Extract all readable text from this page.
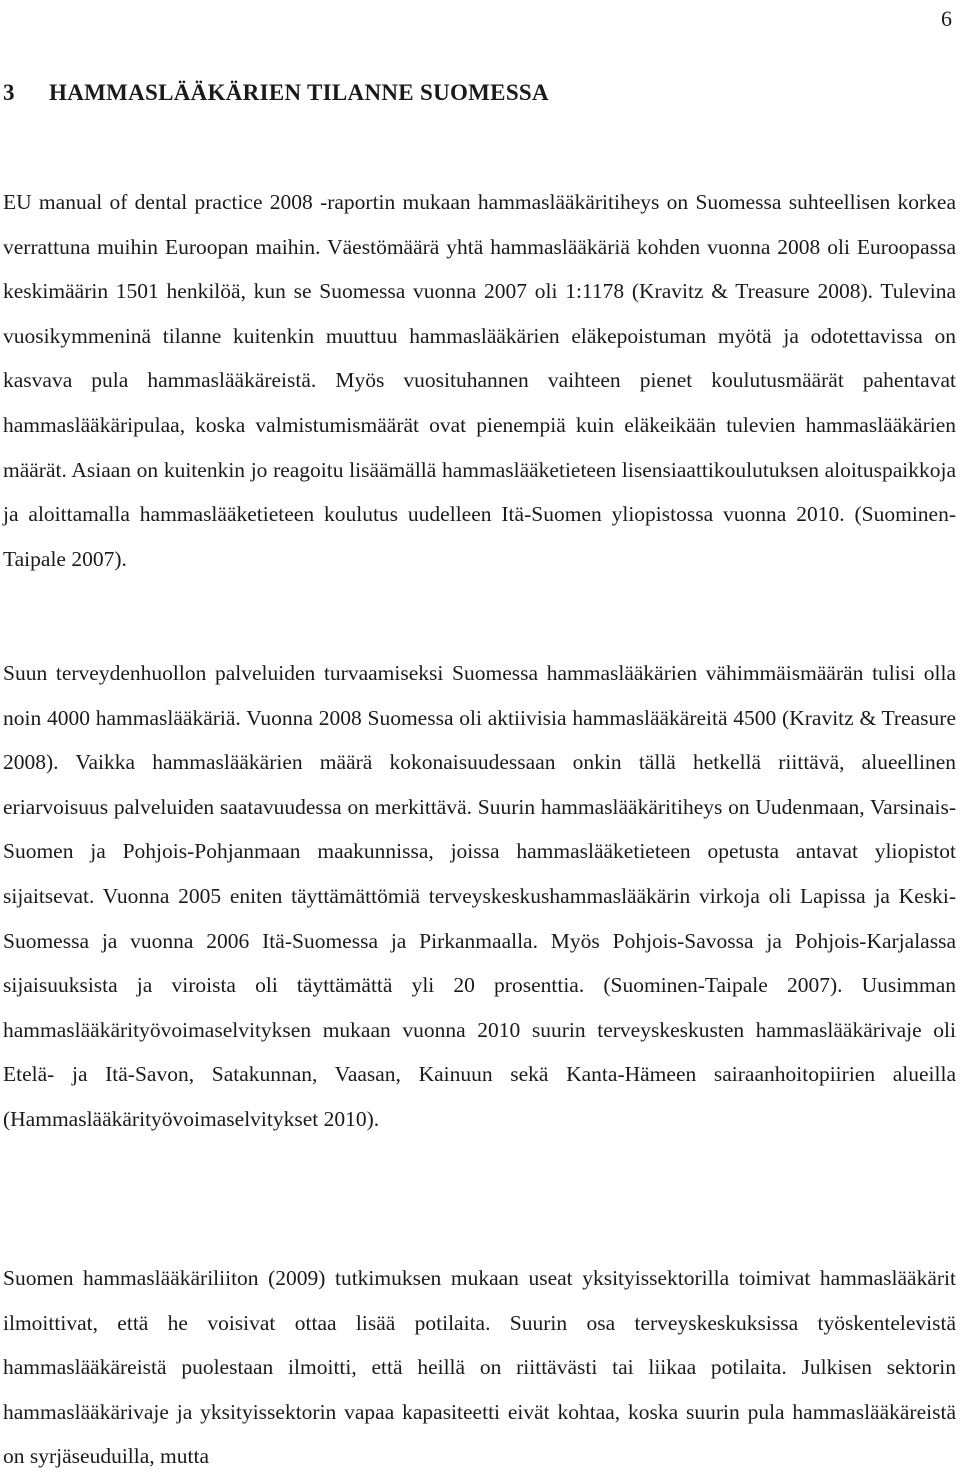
6
3 HAMMASLÄÄKÄRIEN TILANNE SUOMESSA

EU manual of dental practice 2008 -raportin mukaan hammaslääkäritiheys on Suomessa suhteellisen korkea verrattuna muihin Euroopan maihin. Väestömäärä yhtä hammaslääkäriä kohden vuonna 2008 oli Euroopassa keskimäärin 1501 henkilöä, kun se Suomessa vuonna 2007 oli 1:1178 (Kravitz & Treasure 2008). Tulevina vuosikymmeninä tilanne kuitenkin muuttuu hammaslääkärien eläkepoistuman myötä ja odotettavissa on kasvava pula hammaslääkäreistä. Myös vuosituhannen vaihteen pienet koulutusmäärät pahentavat hammaslääkäripulaa, koska valmistumismäärät ovat pienempiä kuin eläkeikään tulevien hammaslääkärien määrät. Asiaan on kuitenkin jo reagoitu lisäämällä hammaslääketieteen lisensiaattikoulutuksen aloituspaikkoja ja aloittamalla hammaslääketieteen koulutus uudelleen Itä-Suomen yliopistossa vuonna 2010. (Suominen-Taipale 2007).

Suun terveydenhuollon palveluiden turvaamiseksi Suomessa hammaslääkärien vähimmäismäärän tulisi olla noin 4000 hammaslääkäriä. Vuonna 2008 Suomessa oli aktiivisia hammaslääkäreitä 4500 (Kravitz & Treasure 2008). Vaikka hammaslääkärien määrä kokonaisuudessaan onkin tällä hetkellä riittävä, alueellinen eriarvoisuus palveluiden saatavuudessa on merkittävä. Suurin hammaslääkäritiheys on Uudenmaan, Varsinais-Suomen ja Pohjois-Pohjanmaan maakunnissa, joissa hammaslääketieteen opetusta antavat yliopistot sijaitsevat. Vuonna 2005 eniten täyttämättömiä terveyskeskushammaslääkärin virkoja oli Lapissa ja Keski-Suomessa ja vuonna 2006 Itä-Suomessa ja Pirkanmaalla. Myös Pohjois-Savossa ja Pohjois-Karjalassa sijaisuuksista ja viroista oli täyttämättä yli 20 prosenttia. (Suominen-Taipale 2007). Uusimman hammaslääkärityövoimaselvityksen mukaan vuonna 2010 suurin terveyskeskusten hammaslääkärivaje oli Etelä- ja Itä-Savon, Satakunnan, Vaasan, Kainuun sekä Kanta-Hämeen sairaanhoitopiirien alueilla (Hammaslääkärityövoimaselvitykset 2010).

Suomen hammaslääkäriliiton (2009) tutkimuksen mukaan useat yksityissektorilla toimivat hammaslääkärit ilmoittivat, että he voisivat ottaa lisää potilaita. Suurin osa terveyskeskuksissa työskentelevistä hammaslääkäreistä puolestaan ilmoitti, että heillä on riittävästi tai liikaa potilaita. Julkisen sektorin hammaslääkärivaje ja yksityissektorin vapaa kapasiteetti eivät kohtaa, koska suurin pula hammaslääkäreistä on syrjäseuduilla, mutta
